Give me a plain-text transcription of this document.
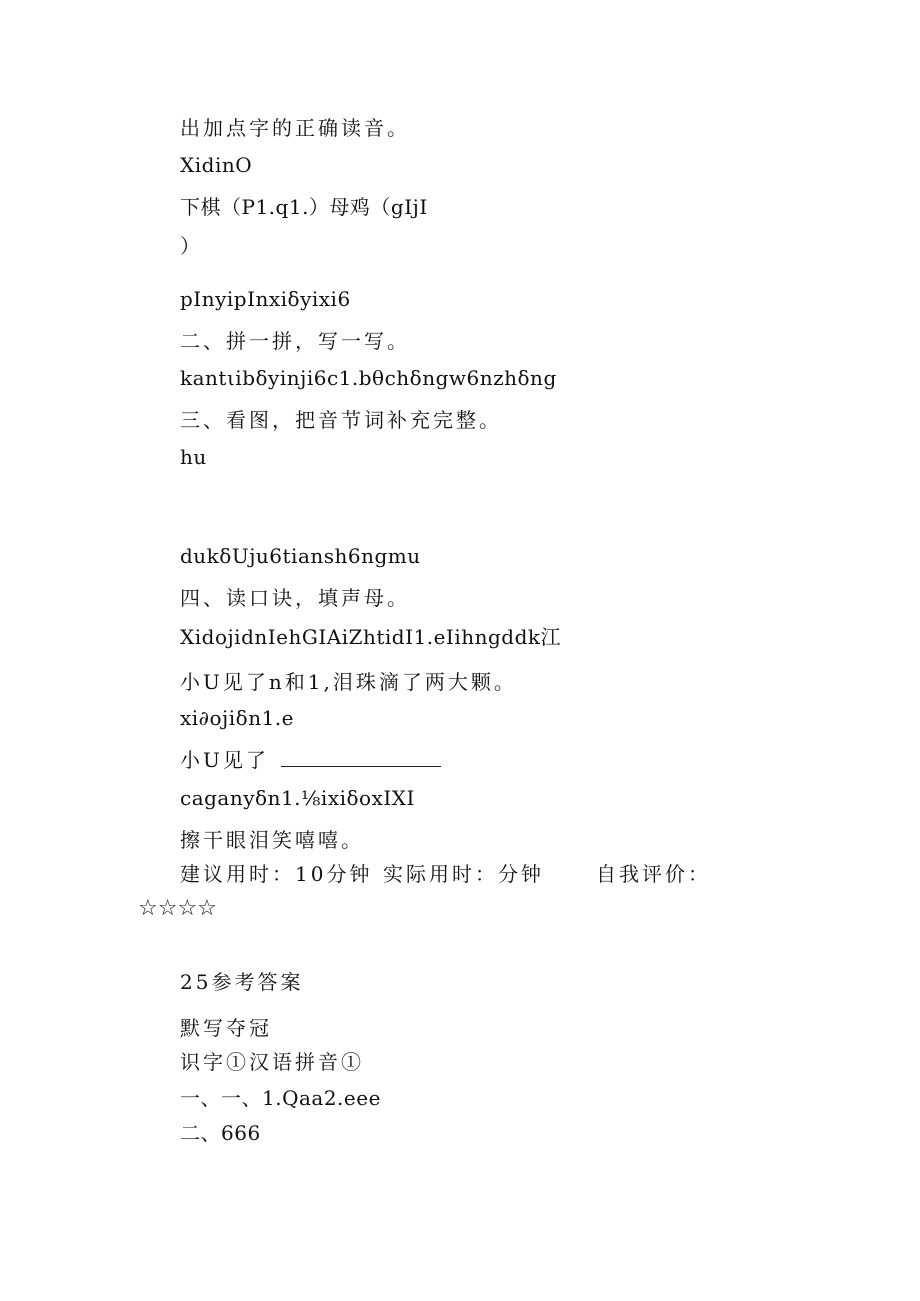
出加点字的正确读音。
XidinO
下棋（P1.q1.）母鸡（gIjI
）
pInyipInxiδyixi6
二、拼一拼，写一写。
kantιibδyinji6c1.bθchδngw6nzhδng
三、看图，把音节词补充完整。
hu
dukδUju6tiansh6ngmu
四、读口诀，填声母。
XidojidnIehGIAiZhtidI1.eIihngddk江
小U见了n和1,泪珠滴了两大颗。
xi∂ojiδn1.e
小U见了
caganyδn1.⅛ixiδoxIXI
擦干眼泪笑嘻嘻。
建议用时：10分钟 实际用时：分钟	自我评价：
☆☆☆☆
25参考答案
默写夺冠
识字①汉语拼音①
一、一、1.Qaa2.eee
二、666
